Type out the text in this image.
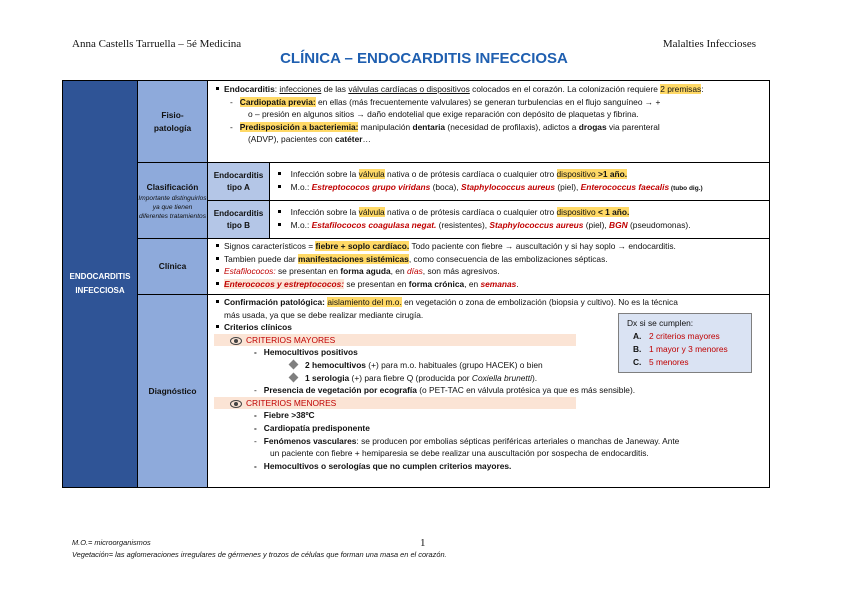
Anna Castells Tarruella – 5é Medicina	Malalties Infeccioses
CLÍNICA – ENDOCARDITIS INFECCIOSA
ENDOCARDITIS INFECCIOSA
Fisio-patología
Endocarditis: infecciones de las válvulas cardíacas o dispositivos colocados en el corazón. La colonización requiere 2 premisas:
-   Cardiopatía previa: en ellas (más frecuentemente valvulares) se generan turbulencias en el flujo sanguíneo → +
o – presión en algunos sitios → daño endotelial que exige reparación con depósito de plaquetas y fibrina.
-   Predisposición a bacteriemia: manipulación dentaria (necesidad de profilaxis), adictos a drogas via parenteral
(ADVP), pacientes con catéter…
Clasificación
Importante distinguirlos ya que tienen diferentes tratamientos
Endocarditis
tipo A
Infección sobre la válvula nativa o de prótesis cardíaca o cualquier otro dispositivo >1 año.
M.o.: Estreptococos grupo viridans (boca), Staphylococcus aureus (piel), Enterococcus faecalis (tubo dig.)
Endocarditis
tipo B
Infección sobre la válvula nativa o de prótesis cardíaca o cualquier otro dispositivo < 1 año.
M.o.: Estafilococos coagulasa negat. (resistentes), Staphylococcus aureus (piel), BGN (pseudomonas).
Clínica
Signos característicos = fiebre + soplo cardíaco. Todo paciente con fiebre → auscultación y si hay soplo → endocarditis.
Tambien puede dar manifestaciones sistémicas, como consecuencia de las embolizaciones sépticas.
Estafilococos: se presentan en forma aguda, en días, son más agresivos.
Enterococos y estreptococos: se presentan en forma crónica, en semanas.
Diagnóstico
Confirmación patológica: aislamiento del m.o. en vegetación o zona de embolización (biopsia y cultivo). No es la técnica
más usada, ya que se debe realizar mediante cirugía.
Criterios clínicos
CRITERIOS MAYORES
-   Hemocultivos positivos
2 hemocultivos (+) para m.o. habituales (grupo HACEK) o bien
1 serologia (+) para fiebre Q (producida por Coxiella brunetti).
-   Presencia de vegetación por ecografía (o PET-TAC en válvula protésica ya que es más sensible).
CRITERIOS MENORES
-   Fiebre >38ºC
-   Cardiopatía predisponente
-   Fenómenos vasculares: se producen por embolias sépticas periféricas arteriales o manchas de Janeway. Ante
un paciente con fiebre + hemiparesia se debe realizar una auscultación por sospecha de endocarditis.
-   Hemocultivos o serologías que no cumplen criterios mayores.
Dx si se cumplen:
A. 2 criterios mayores
B. 1 mayor y 3 menores
C. 5 menores
M.O.= microorganismos	1
Vegetación= las aglomeraciones irregulares de gérmenes y trozos de células que forman una masa en el corazón.
